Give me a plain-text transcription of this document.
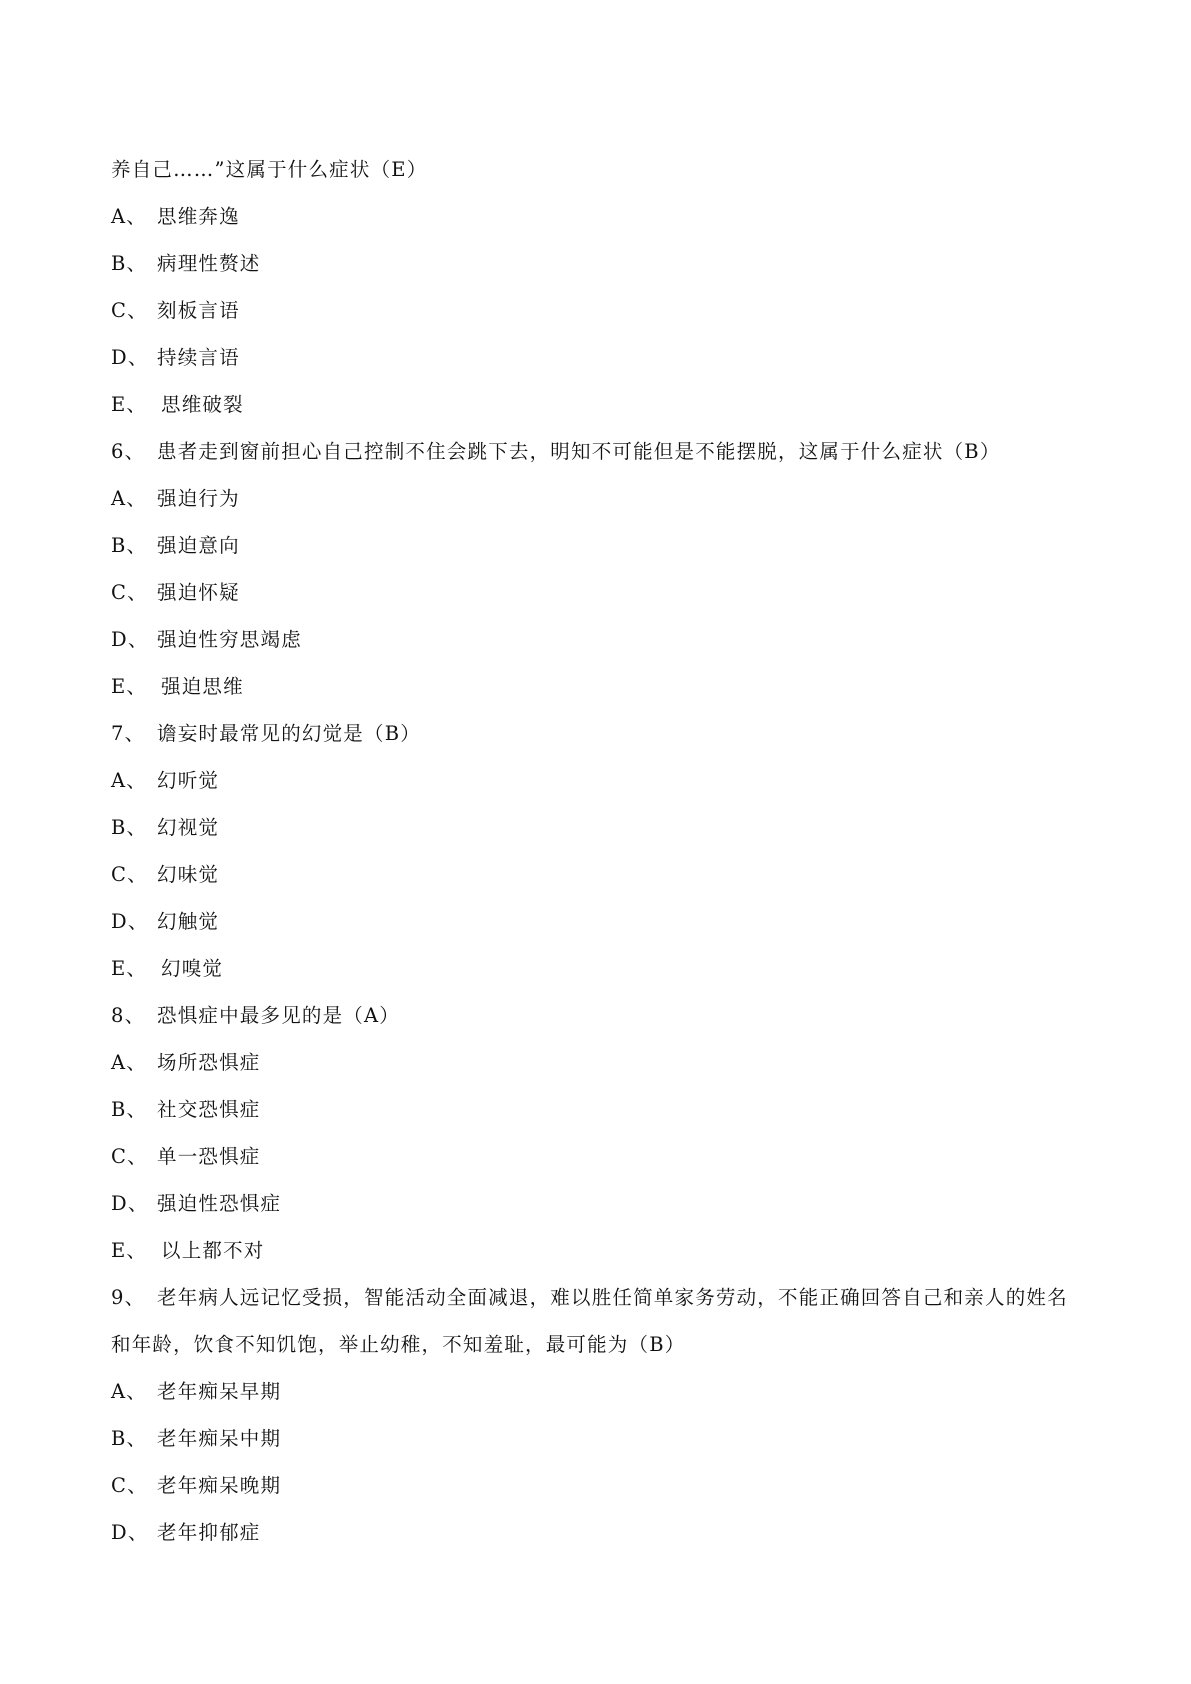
养自己……”这属于什么症状（E）
A、 思维奔逸
B、 病理性赘述
C、 刻板言语
D、 持续言语
E、 思维破裂
6、 患者走到窗前担心自己控制不住会跳下去，明知不可能但是不能摆脱，这属于什么症状（B）
A、 强迫行为
B、 强迫意向
C、 强迫怀疑
D、 强迫性穷思竭虑
E、 强迫思维
7、 谵妄时最常见的幻觉是（B）
A、 幻听觉
B、 幻视觉
C、 幻味觉
D、 幻触觉
E、 幻嗅觉
8、 恐惧症中最多见的是（A）
A、 场所恐惧症
B、 社交恐惧症
C、 单一恐惧症
D、 强迫性恐惧症
E、 以上都不对
9、 老年病人远记忆受损，智能活动全面减退，难以胜任简单家务劳动，不能正确回答自己和亲人的姓名
和年龄，饮食不知饥饱，举止幼稚，不知羞耻，最可能为（B）
A、 老年痴呆早期
B、 老年痴呆中期
C、 老年痴呆晚期
D、 老年抑郁症
